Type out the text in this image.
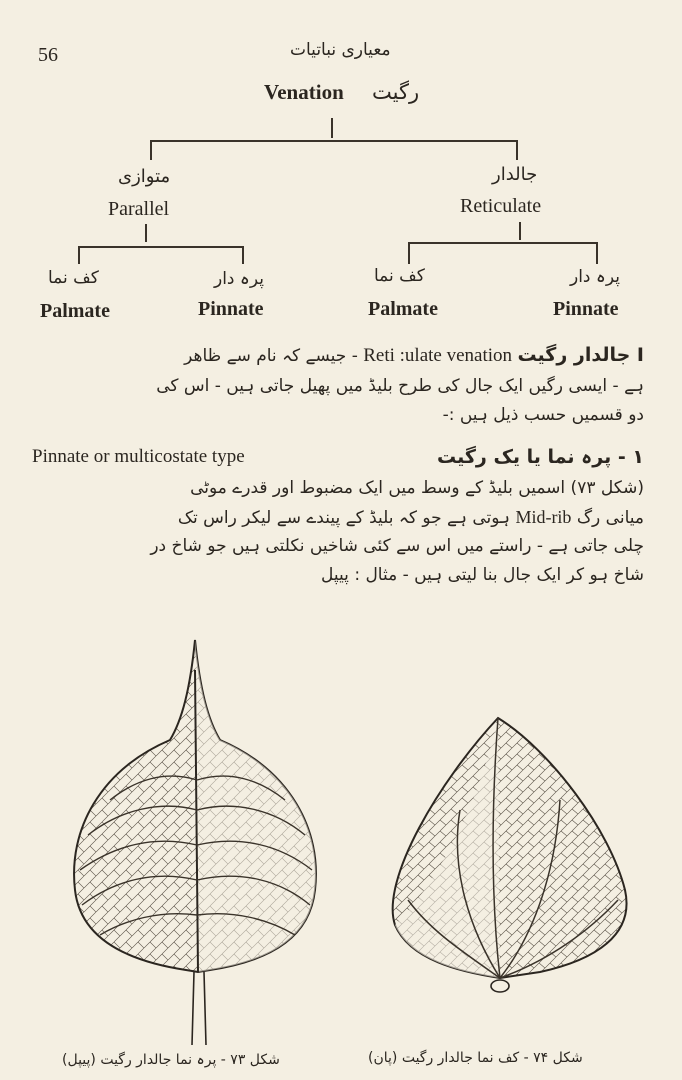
56	معیاری نباتیات
Venation رگیت
متوازی
Parallel
جالدار
Reticulate
کف نما
Palmate
پرہ دار
Pinnate
کف نما
Palmate
پرہ دار
Pinnate
I جالدار رگیت Reti :ulate venation - جیسے کہ نام سے ظاهر
ہے - ایسی رگیں ایک جال کی طرح بلیڈ میں پھیل جاتی ہیں - اس کی
دو قسمیں حسب ذیل ہیں :-
۱ - پرہ نما یا یک رگیت
Pinnate or multicostate type
(شکل ۷۳) اسمیں بلیڈ کے وسط میں ایک مضبوط اور قدرے موٹی
میانی رگ Mid-rib ہوتی ہے جو کہ بلیڈ کے پیندے سے لیکر راس تک
چلی جاتی ہے - راستے میں اس سے کئی شاخیں نکلتی ہیں جو شاخ در
شاخ ہو کر ایک جال بنا لیتی ہیں - مثال : پیپل
شکل ۷۳ - پرہ نما جالدار رگیت (پیپل)	شکل ۷۴ - کف نما جالدار رگیت (پان)
